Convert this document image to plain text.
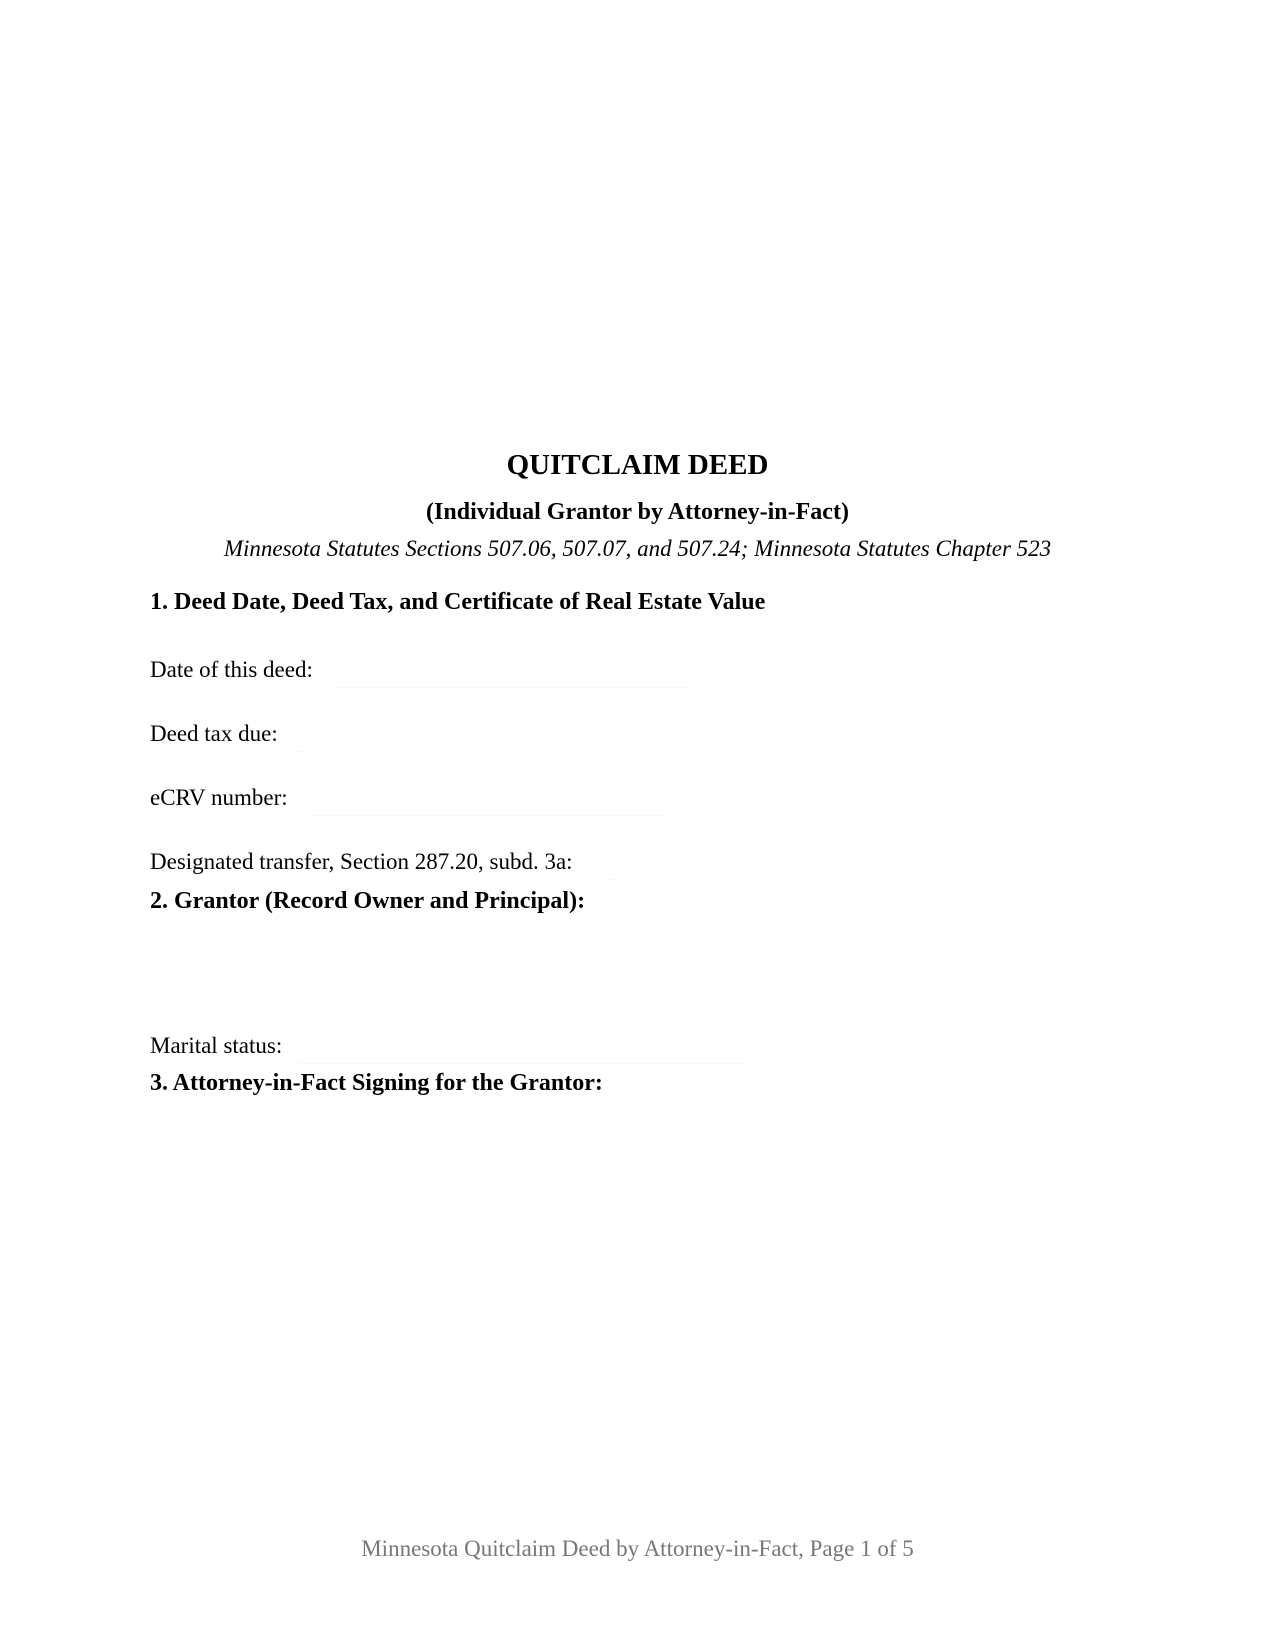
QUITCLAIM DEED
(Individual Grantor by Attorney-in-Fact)
Minnesota Statutes Sections 507.06, 507.07, and 507.24; Minnesota Statutes Chapter 523
1. Deed Date, Deed Tax, and Certificate of Real Estate Value
Date of this deed:
Deed tax due:
eCRV number:
Designated transfer, Section 287.20, subd. 3a:
2. Grantor (Record Owner and Principal):
Marital status:
3. Attorney-in-Fact Signing for the Grantor:
Minnesota Quitclaim Deed by Attorney-in-Fact, Page 1 of 5
